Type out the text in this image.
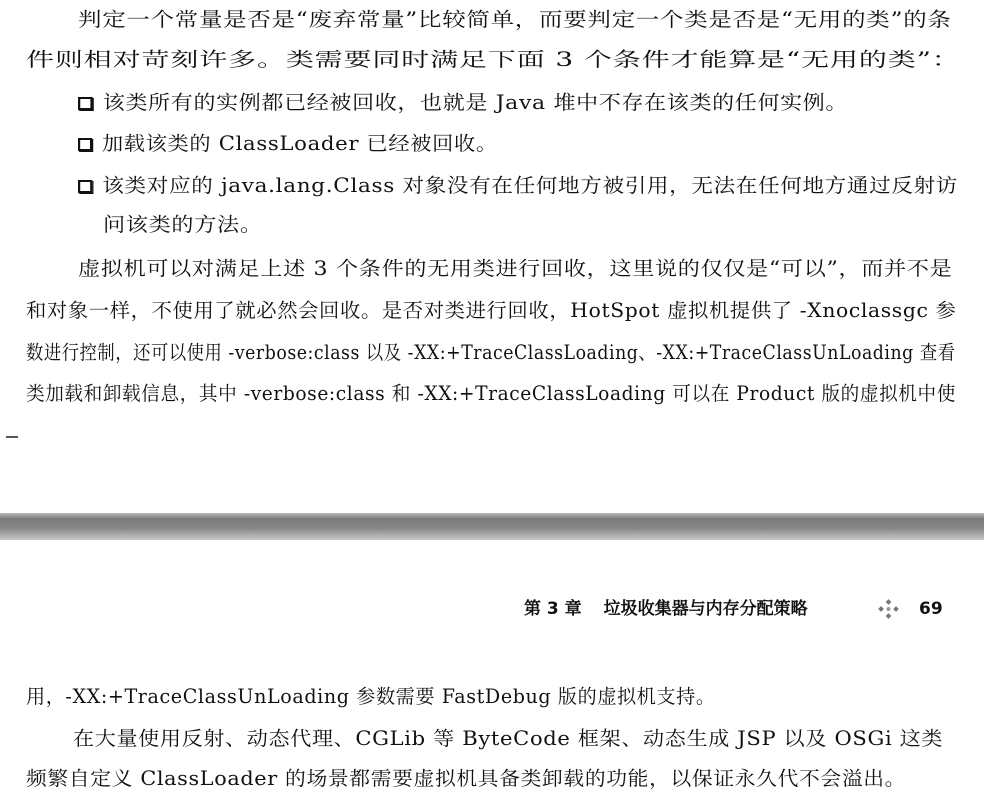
判定一个常量是否是“废弃常量”比较简单，而要判定一个类是否是“无用的类”的条
件则相对苛刻许多。类需要同时满足下面 3 个条件才能算是“无用的类”：
该类所有的实例都已经被回收，也就是 Java 堆中不存在该类的任何实例。
加载该类的 ClassLoader 已经被回收。
该类对应的 java.lang.Class 对象没有在任何地方被引用，无法在任何地方通过反射访
问该类的方法。
虚拟机可以对满足上述 3 个条件的无用类进行回收，这里说的仅仅是“可以”，而并不是
和对象一样，不使用了就必然会回收。是否对类进行回收，HotSpot 虚拟机提供了 -Xnoclassgc 参
数进行控制，还可以使用 -verbose:class 以及 -XX:+TraceClassLoading、-XX:+TraceClassUnLoading 查看
类加载和卸载信息，其中 -verbose:class 和 -XX:+TraceClassLoading 可以在 Product 版的虚拟机中使
第 3 章 垃圾收集器与内存分配策略	69
用，-XX:+TraceClassUnLoading 参数需要 FastDebug 版的虚拟机支持。
在大量使用反射、动态代理、CGLib 等 ByteCode 框架、动态生成 JSP 以及 OSGi 这类
频繁自定义 ClassLoader 的场景都需要虚拟机具备类卸载的功能，以保证永久代不会溢出。
